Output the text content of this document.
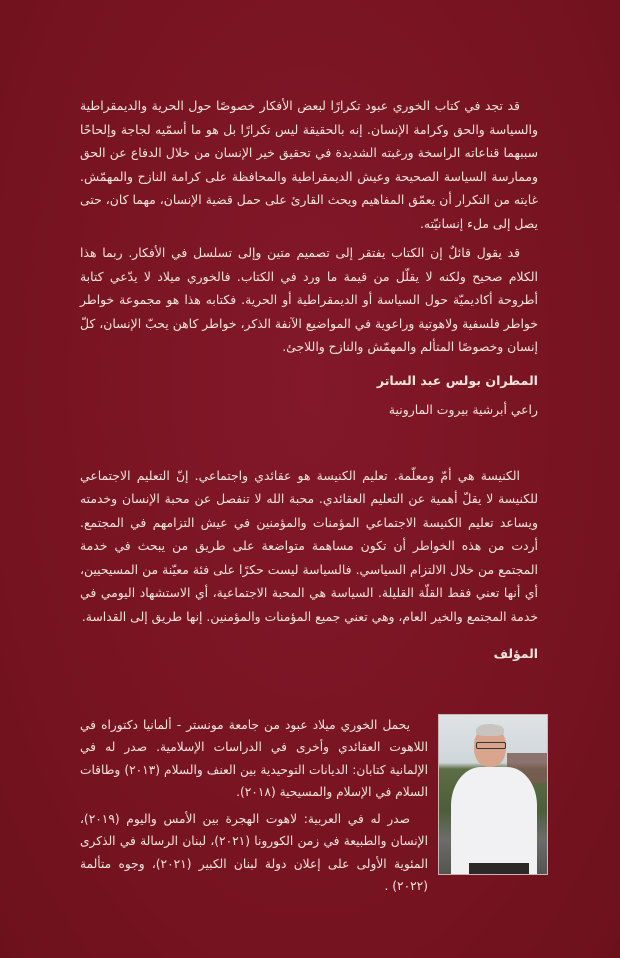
قد تجد في كتاب الخوري عبود تكرارًا لبعض الأفكار خصوصًا حول الحرية والديمقراطية والسياسة والحق وكرامة الإنسان. إنه بالحقيقة ليس تكرارًا بل هو ما أسمّيه لجاجة وإلحاحًا سببهما قناعاته الراسخة ورغبته الشديدة في تحقيق خير الإنسان من خلال الدفاع عن الحق وممارسة السياسة الصحيحة وعيش الديمقراطية والمحافظة على كرامة النازح والمهمّش. غايته من التكرار أن يعمّق المفاهيم ويحث القارئ على حمل قضية الإنسان، مهما كان، حتى يصل إلى ملء إنسانيّته.

قد يقول قائلٌ إن الكتاب يفتقر إلى تصميم متين وإلى تسلسل في الأفكار. ربما هذا الكلام صحيح ولكنه لا يقلّل من قيمة ما ورد في الكتاب. فالخوري ميلاد لا يدّعي كتابة أطروحة أكاديميّة حول السياسة أو الديمقراطية أو الحرية. فكتابه هذا هو مجموعة خواطر خواطر فلسفية ولاهوتية وراعوية في المواضيع الآنفة الذكر، خواطر كاهن يحبّ الإنسان، كلّ إنسان وخصوصًا المتألم والمهمّش والنازح واللاجئ.

المطران بولس عبد الساتر

راعي أبرشية بيروت المارونية

الكنيسة هي أمّ ومعلّمة. تعليم الكنيسة هو عقائدي واجتماعي. إنّ التعليم الاجتماعي للكنيسة لا يقلّ أهمية عن التعليم العقائدي. محبة الله لا تنفصل عن محبة الإنسان وخدمته ويساعد تعليم الكنيسة الاجتماعي المؤمنات والمؤمنين في عيش التزامهم في المجتمع. أردت من هذه الخواطر أن تكون مساهمة متواضعة على طريق من يبحث في خدمة المجتمع من خلال الالتزام السياسي. فالسياسة ليست حكرًا على فئة معيّنة من المسيحيين، أي أنها تعني فقط القلّة القليلة. السياسة هي المحبة الاجتماعية، أي الاستشهاد اليومي في خدمة المجتمع والخير العام، وهي تعني جميع المؤمنات والمؤمنين. إنها طريق إلى القداسة.

المؤلف

يحمل الخوري ميلاد عبود من جامعة مونستر - ألمانيا دكتوراه في اللاهوت العقائدي وأخرى في الدراسات الإسلامية. صدر له في الإلمانية كتابان: الديانات التوحيدية بين العنف والسلام (٢٠١٣) وطاقات السلام في الإسلام والمسيحية (٢٠١٨).

صدر له في العربية: لاهوت الهجرة بين الأمس واليوم (٢٠١٩)، الإنسان والطبيعة في زمن الكورونا (٢٠٢١)، لبنان الرسالة في الذكرى المئوية الأولى على إعلان دولة لبنان الكبير (٢٠٢١)، وجوه متألمة (٢٠٢٢) .
